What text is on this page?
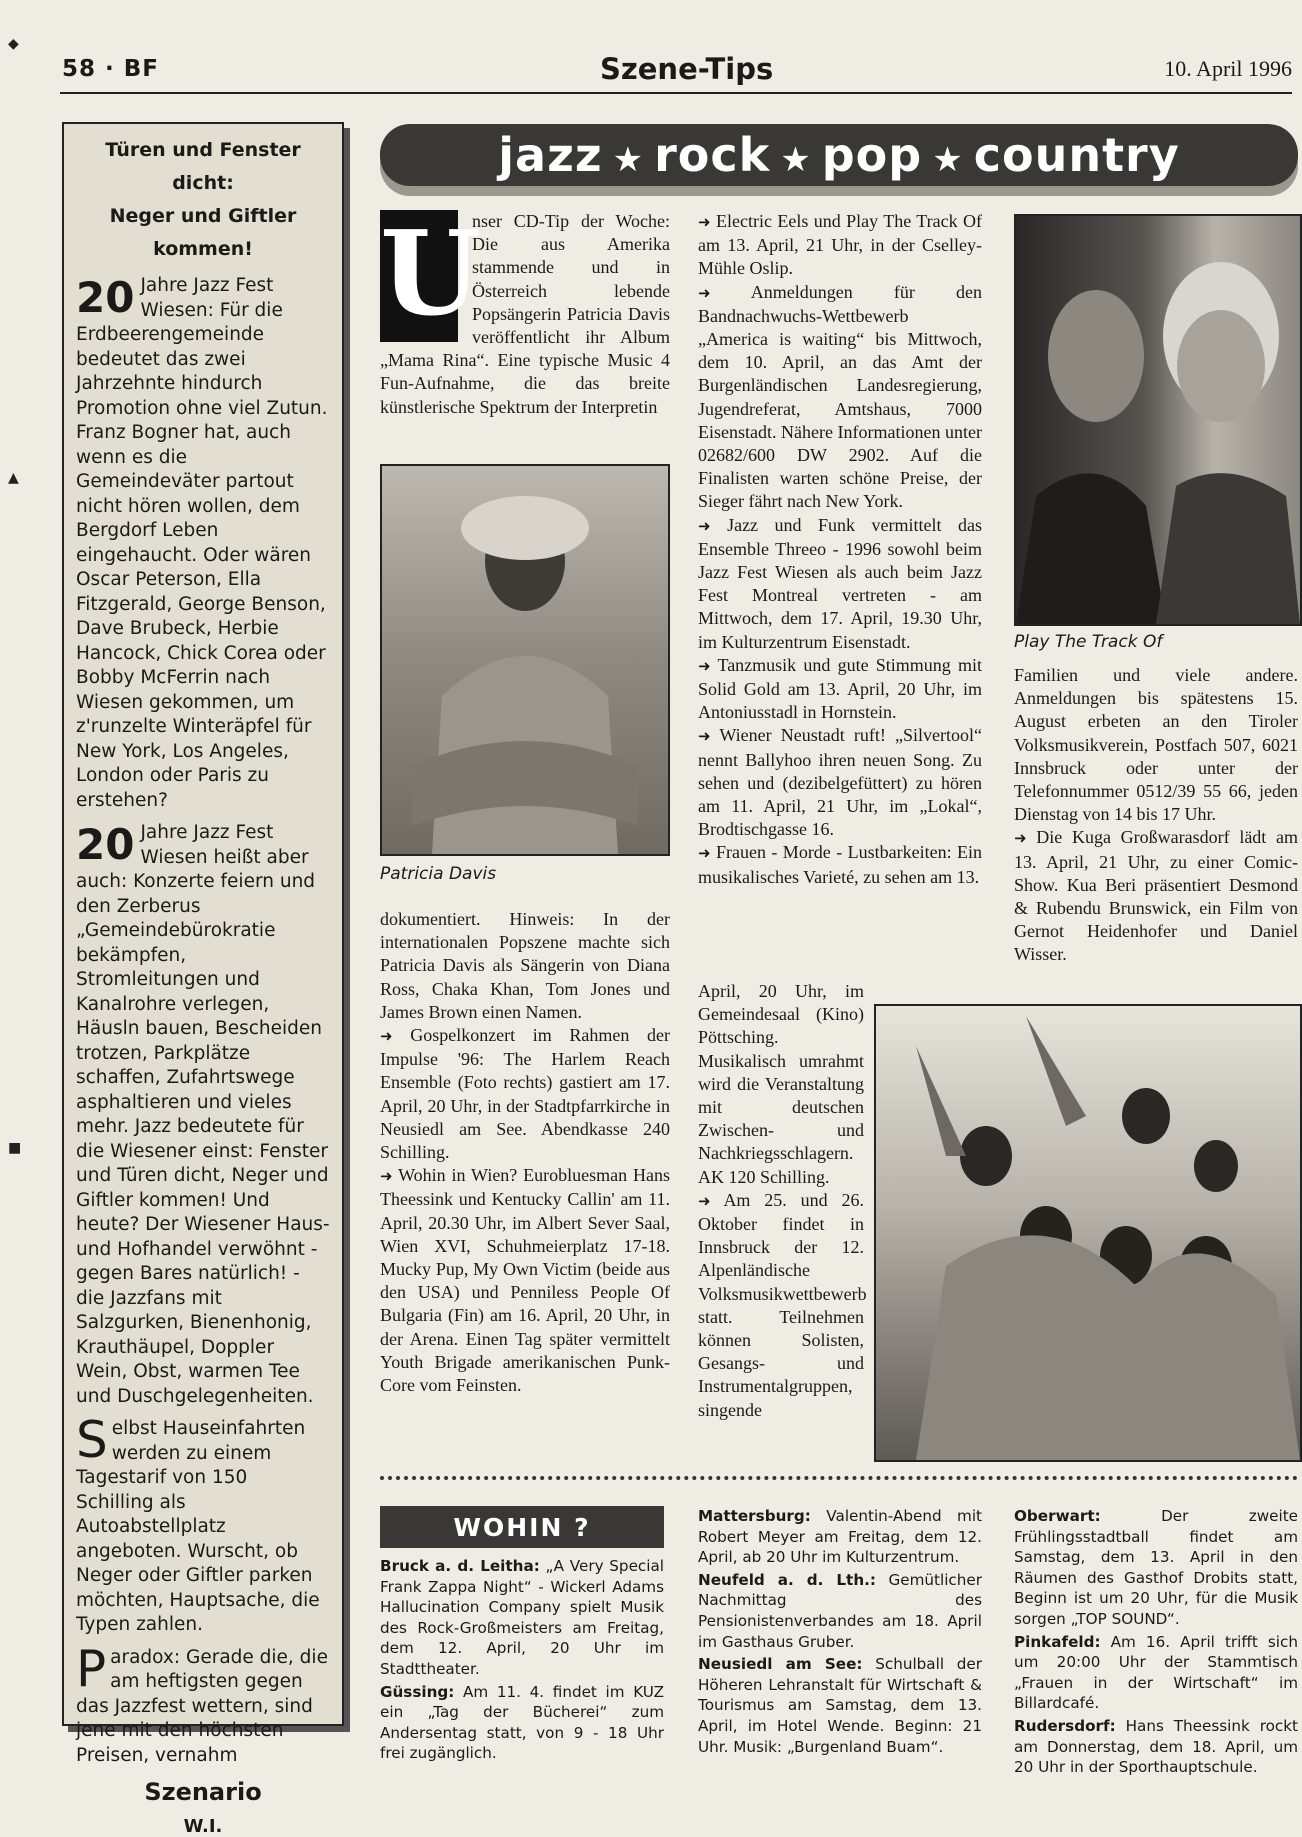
58 · BF	Szene-Tips	10. April 1996
◆
▲
■
Türen und Fenster dicht:
Neger und Giftler kommen!

20 Jahre Jazz Fest Wiesen: Für die Erdbeerengemeinde bedeutet das zwei Jahrzehnte hindurch Promotion ohne viel Zutun. Franz Bogner hat, auch wenn es die Gemeindeväter partout nicht hören wollen, dem Bergdorf Leben eingehaucht. Oder wären Oscar Peterson, Ella Fitzgerald, George Benson, Dave Brubeck, Herbie Hancock, Chick Corea oder Bobby McFerrin nach Wiesen gekommen, um z'runzelte Winteräpfel für New York, Los Angeles, London oder Paris zu erstehen?

20 Jahre Jazz Fest Wiesen heißt aber auch: Konzerte feiern und den Zerberus „Gemeindebürokratie bekämpfen, Stromleitungen und Kanalrohre verlegen, Häusln bauen, Bescheiden trotzen, Parkplätze schaffen, Zufahrtswege asphaltieren und vieles mehr. Jazz bedeutete für die Wiesener einst: Fenster und Türen dicht, Neger und Giftler kommen! Und heute? Der Wiesener Haus- und Hofhandel verwöhnt - gegen Bares natürlich! - die Jazzfans mit Salzgurken, Bienenhonig, Krauthäupel, Doppler Wein, Obst, warmen Tee und Duschgelegenheiten.

Selbst Hauseinfahrten werden zu einem Tagestarif von 150 Schilling als Autoabstellplatz angeboten. Wurscht, ob Neger oder Giftler parken möchten, Hauptsache, die Typen zahlen.

Paradox: Gerade die, die am heftigsten gegen das Jazzfest wettern, sind jene mit den höchsten Preisen, vernahm

Szenario
W.I.
jazz ★ rock ★ pop ★ country
U

nser CD-Tip der Woche: Die aus Amerika stammende und in Österreich lebende Popsängerin Patricia Davis veröffentlicht ihr Album „Mama Rina“. Eine typische Music 4 Fun-Aufnahme, die das breite künstlerische Spektrum der Interpretin

Patricia Davis

dokumentiert. Hinweis: In der internationalen Popszene machte sich Patricia Davis als Sängerin von Diana Ross, Chaka Khan, Tom Jones und James Brown einen Namen.

➜ Gospelkonzert im Rahmen der Impulse '96: The Harlem Reach Ensemble (Foto rechts) gastiert am 17. April, 20 Uhr, in der Stadtpfarrkirche in Neusiedl am See. Abendkasse 240 Schilling.

➜ Wohin in Wien? Eurobluesman Hans Theessink und Kentucky Callin' am 11. April, 20.30 Uhr, im Albert Sever Saal, Wien XVI, Schuhmeierplatz 17-18. Mucky Pup, My Own Victim (beide aus den USA) und Penniless People Of Bulgaria (Fin) am 16. April, 20 Uhr, in der Arena. Einen Tag später vermittelt Youth Brigade amerikanischen Punk-Core vom Feinsten.

➜ Electric Eels und Play The Track Of am 13. April, 21 Uhr, in der Cselley-Mühle Oslip.

➜ Anmeldungen für den Bandnachwuchs-Wettbewerb „America is waiting“ bis Mittwoch, dem 10. April, an das Amt der Burgenländischen Landesregierung, Jugendreferat, Amtshaus, 7000 Eisenstadt. Nähere Informationen unter 02682/600 DW 2902. Auf die Finalisten warten schöne Preise, der Sieger fährt nach New York.

➜ Jazz und Funk vermittelt das Ensemble Threeo - 1996 sowohl beim Jazz Fest Wiesen als auch beim Jazz Fest Montreal vertreten - am Mittwoch, dem 17. April, 19.30 Uhr, im Kulturzentrum Eisenstadt.

➜ Tanzmusik und gute Stimmung mit Solid Gold am 13. April, 20 Uhr, im Antoniusstadl in Hornstein.

➜ Wiener Neustadt ruft! „Silvertool“ nennt Ballyhoo ihren neuen Song. Zu sehen und (dezibelgefüttert) zu hören am 11. April, 21 Uhr, im „Lokal“, Brodtischgasse 16.

➜ Frauen - Morde - Lustbarkeiten: Ein musikalisches Varieté, zu sehen am 13.

April, 20 Uhr, im Gemeindesaal (Kino) Pöttsching. Musikalisch umrahmt wird die Veranstaltung mit deutschen Zwischen- und Nachkriegsschlagern. AK 120 Schilling.

➜ Am 25. und 26. Oktober findet in Innsbruck der 12. Alpenländische Volksmusikwettbewerb statt. Teilnehmen können Solisten, Gesangs- und Instrumentalgruppen, singende

Play The Track Of

Familien und viele andere. Anmeldungen bis spätestens 15. August erbeten an den Tiroler Volksmusikverein, Postfach 507, 6021 Innsbruck oder unter der Telefonnummer 0512/39 55 66, jeden Dienstag von 14 bis 17 Uhr.

➜ Die Kuga Großwarasdorf lädt am 13. April, 21 Uhr, zu einer Comic-Show. Kua Beri präsentiert Desmond & Rubendu Brunswick, ein Film von Gernot Heidenhofer und Daniel Wisser.

WOHIN ?

Bruck a. d. Leitha: „A Very Special Frank Zappa Night“ - Wickerl Adams Hallucination Company spielt Musik des Rock-Großmeisters am Freitag, dem 12. April, 20 Uhr im Stadttheater.

Güssing: Am 11. 4. findet im KUZ ein „Tag der Bücherei“ zum Andersentag statt, von 9 - 18 Uhr frei zugänglich.

Mattersburg: Valentin-Abend mit Robert Meyer am Freitag, dem 12. April, ab 20 Uhr im Kulturzentrum.

Neufeld a. d. Lth.: Gemütlicher Nachmittag des Pensionistenverbandes am 18. April im Gasthaus Gruber.

Neusiedl am See: Schulball der Höheren Lehranstalt für Wirtschaft & Tourismus am Samstag, dem 13. April, im Hotel Wende. Beginn: 21 Uhr. Musik: „Burgenland Buam“.

Oberwart:	Der zweite Frühlingsstadtball findet am Samstag, dem 13. April in den Räumen des Gasthof Drobits statt, Beginn ist um 20 Uhr, für die Musik sorgen „TOP SOUND“.

Pinkafeld: Am 16. April trifft sich um 20:00 Uhr der Stammtisch „Frauen in der Wirtschaft“ im Billardcafé.

Rudersdorf: Hans Theessink rockt am Donnerstag, dem 18. April, um 20 Uhr in der Sporthauptschule.
